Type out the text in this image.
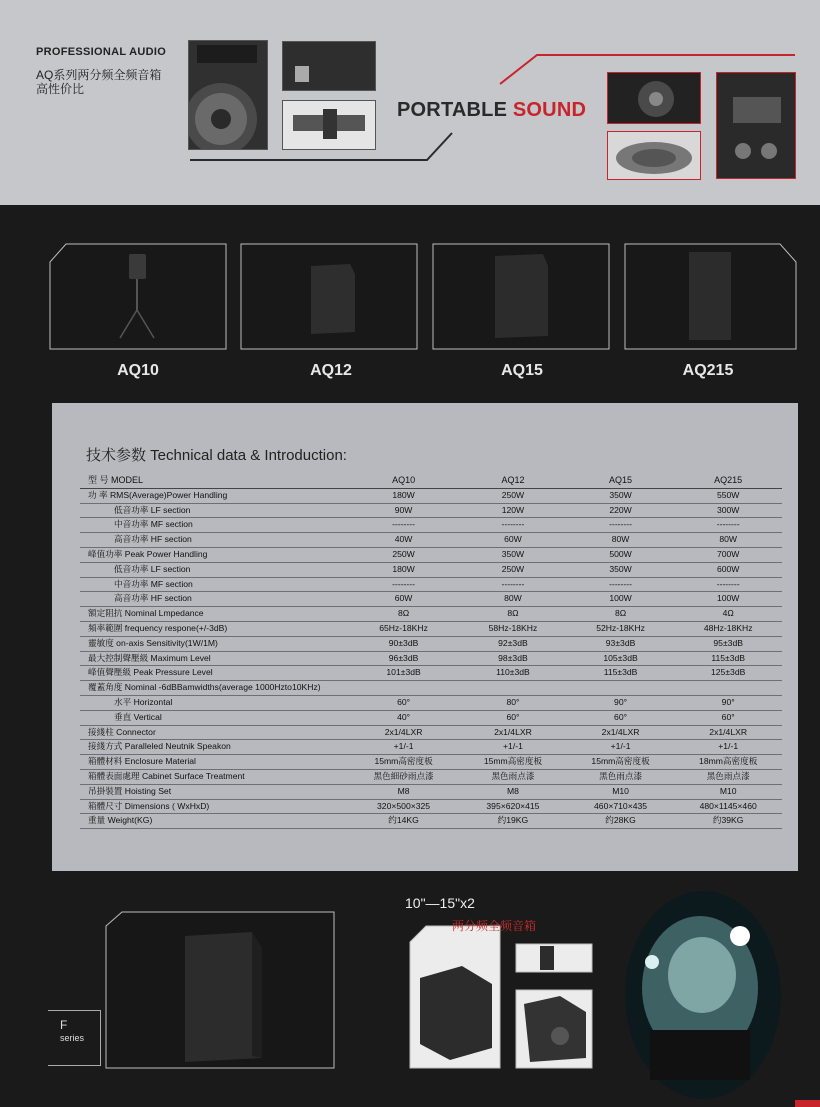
PROFESSIONAL AUDIO
AQ系列两分频全频音箱
高性价比
PORTABLE SOUND
AQ10	AQ12	AQ15	AQ215
技术参数 Technical data & Introduction:
型 号 MODEL	AQ10	AQ12	AQ15	AQ215
功 率 RMS(Average)Power Handling	180W	250W	350W	550W
低音功率 LF section	90W	120W	220W	300W
中音功率 MF section	--------	--------	--------	--------
高音功率 HF section	40W	60W	80W	80W
峰值功率 Peak Power Handling	250W	350W	500W	700W
低音功率 LF section	180W	250W	350W	600W
中音功率 MF section	--------	--------	--------	--------
高音功率 HF section	60W	80W	100W	100W
額定阻抗 Nominal Lmpedance	8Ω	8Ω	8Ω	4Ω
頻率範圍 frequency respone(+/-3dB)	65Hz-18KHz	58Hz-18KHz	52Hz-18KHz	48Hz-18KHz
靈敏度 on-axis Sensitivity(1W/1M)	90±3dB	92±3dB	93±3dB	95±3dB
最大控制聲壓級 Maximum Level	96±3dB	98±3dB	105±3dB	115±3dB
峰值聲壓級 Peak Pressure Level	101±3dB	110±3dB	115±3dB	125±3dB
覆蓋角度 Nominal -6dBBamwidths(average 1000Hzto10KHz)				
水平 Horizontal	60°	80°	90°	90°
垂直 Vertical	40°	60°	60°	60°
接綫柱 Connector	2x1/4LXR	2x1/4LXR	2x1/4LXR	2x1/4LXR
接綫方式 Paralleled Neutnik Speakon	+1/-1	+1/-1	+1/-1	+1/-1
箱體材料 Enclosure Material	15mm高密度板	15mm高密度板	15mm高密度板	18mm高密度板
箱體表面處理 Cabinet Surface Treatment	黑色細砂雨点漆	黑色雨点漆	黑色雨点漆	黑色雨点漆
吊掛裝置 Hoisting Set	M8	M8	M10	M10
箱體尺寸 Dimensions ( WxHxD)	320×500×325	395×620×415	460×710×435	480×1145×460
重量 Weight(KG)	约14KG	约19KG	约28KG	约39KG
F
series
10"—15"x2
两分频全频音箱
